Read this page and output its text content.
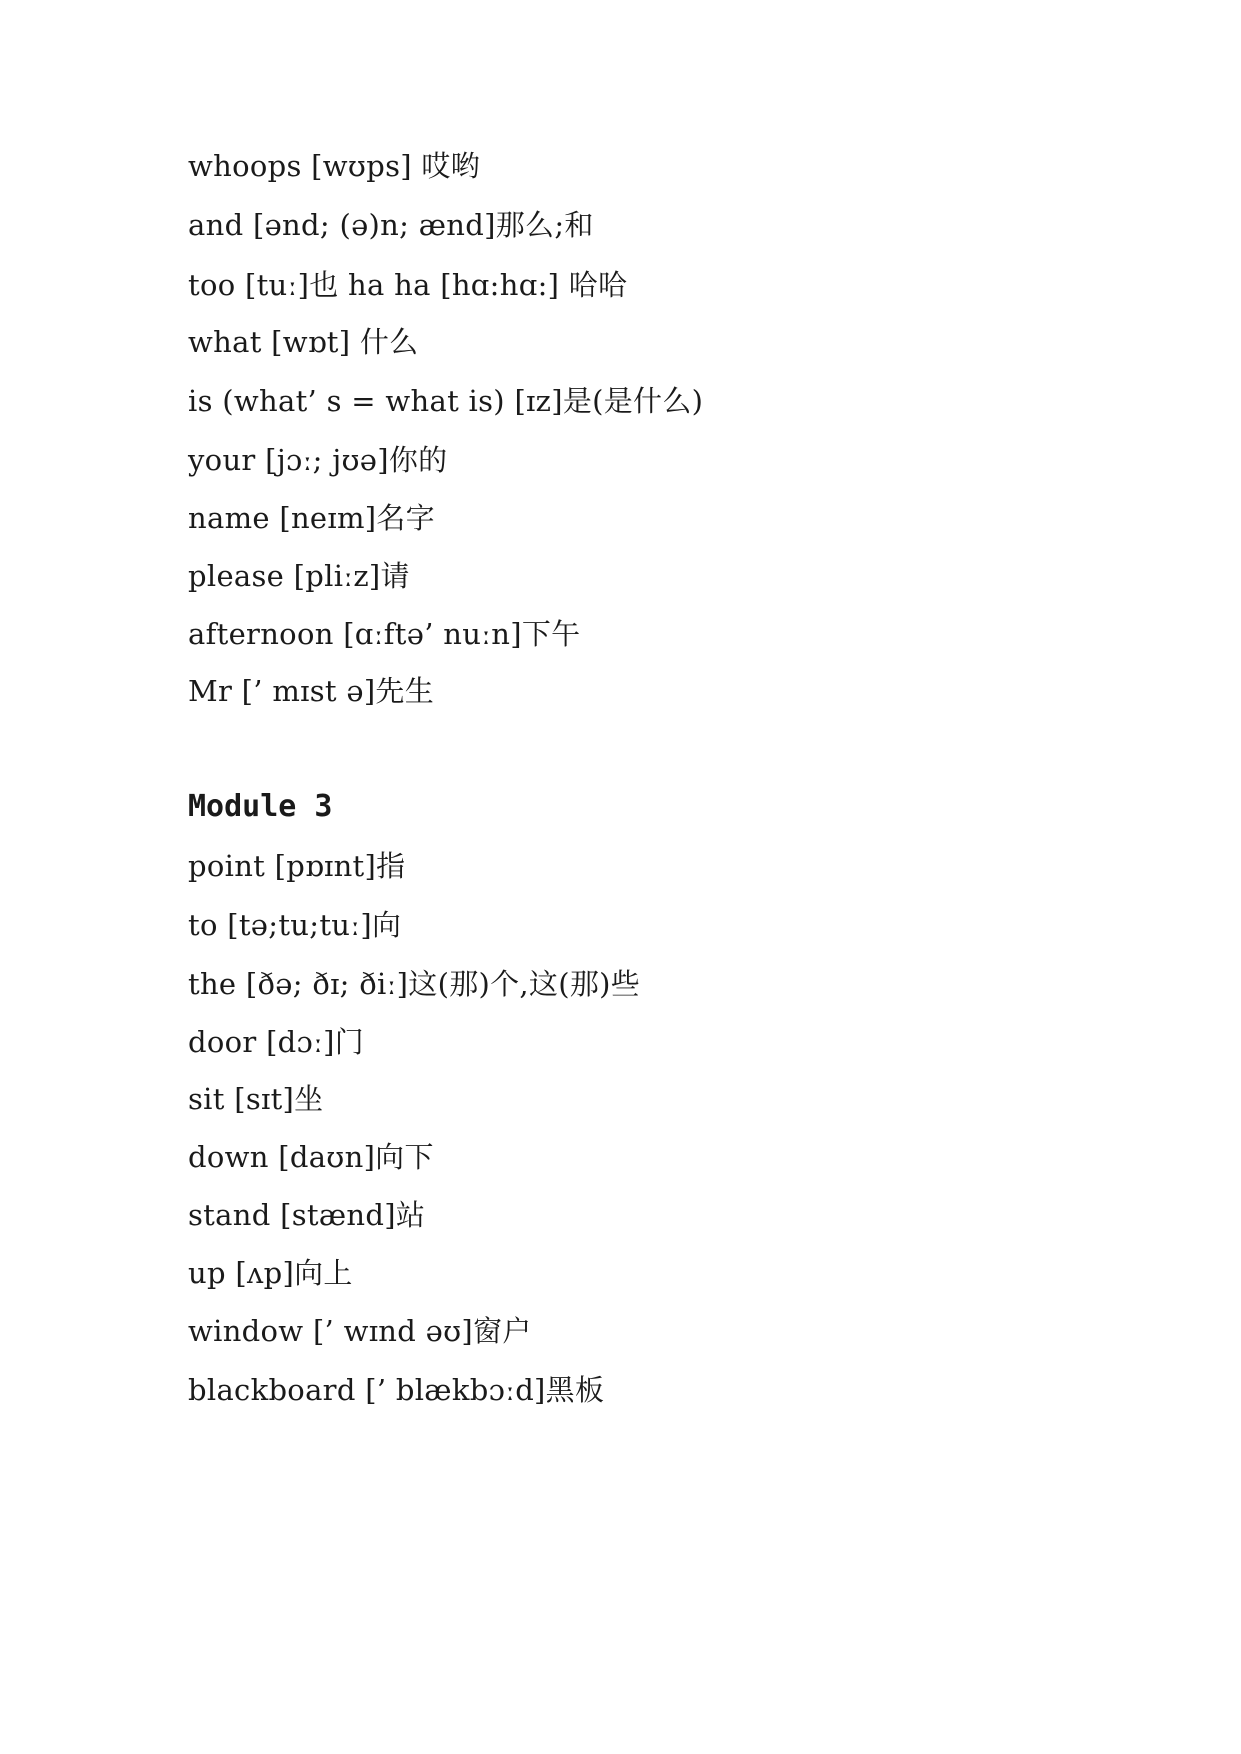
whoops [wʊps] 哎哟
and [ənd; (ə)n; ænd]那么;和
too [tuː]也 ha ha [hɑ:hɑ:] 哈哈
what [wɒt] 什么
is (what’ s = what is) [ɪz]是(是什么)
your [jɔː; jʊə]你的
name [neɪm]名字
please [pliːz]请
afternoon [ɑːftə’ nuːn]下午
Mr [’ mɪst ə]先生
Module 3
point [pɒɪnt]指
to [tə;tu;tuː]向
the [ðə; ðɪ; ðiː]这(那)个,这(那)些
door [dɔː]门
sit [sɪt]坐
down [daʊn]向下
stand [stænd]站
up [ʌp]向上
window [’ wɪnd əʊ]窗户
blackboard [’ blækbɔːd]黑板
